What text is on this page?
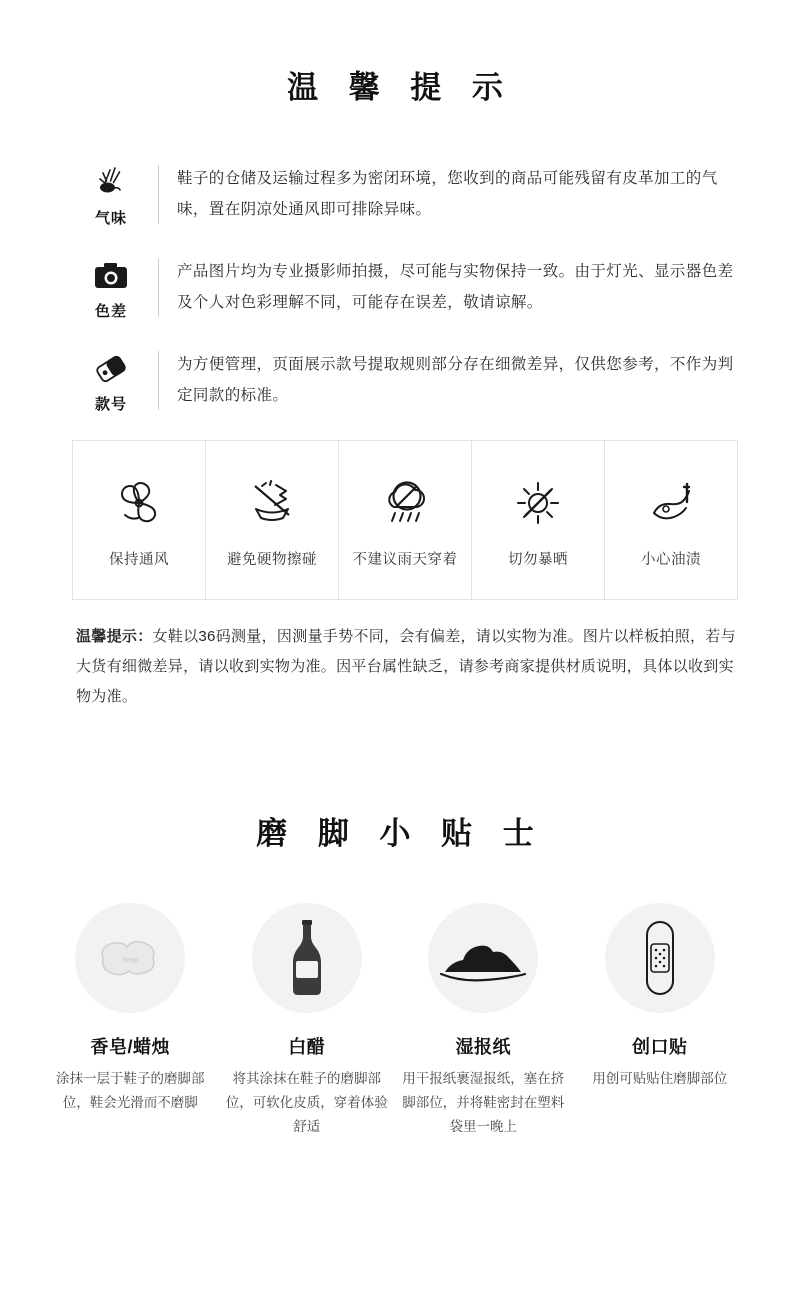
温 馨 提 示
气味
鞋子的仓储及运输过程多为密闭环境，您收到的商品可能残留有皮革加工的气味，置在阴凉处通风即可排除异味。
色差
产品图片均为专业摄影师拍摄，尽可能与实物保持一致。由于灯光、显示器色差及个人对色彩理解不同，可能存在误差，敬请谅解。
款号
为方便管理，页面展示款号提取规则部分存在细微差异，仅供您参考，不作为判定同款的标准。
保持通风	避免硬物擦碰 不建议雨天穿着	切勿暴晒	小心油渍
温馨提示：女鞋以36码测量，因测量手势不同，会有偏差，请以实物为准。图片以样板拍照，若与大货有细微差异，请以收到实物为准。因平台属性缺乏，请参考商家提供材质说明，具体以收到实物为准。
磨 脚 小 贴 士
Soap
香皂/蜡烛
涂抹一层于鞋子的磨脚部位，鞋会光滑而不磨脚
白醋
将其涂抹在鞋子的磨脚部位，可软化皮质，穿着体验舒适
湿报纸
用干报纸裹湿报纸，塞在挤脚部位，并将鞋密封在塑料袋里一晚上
创口贴
用创可贴贴住磨脚部位
